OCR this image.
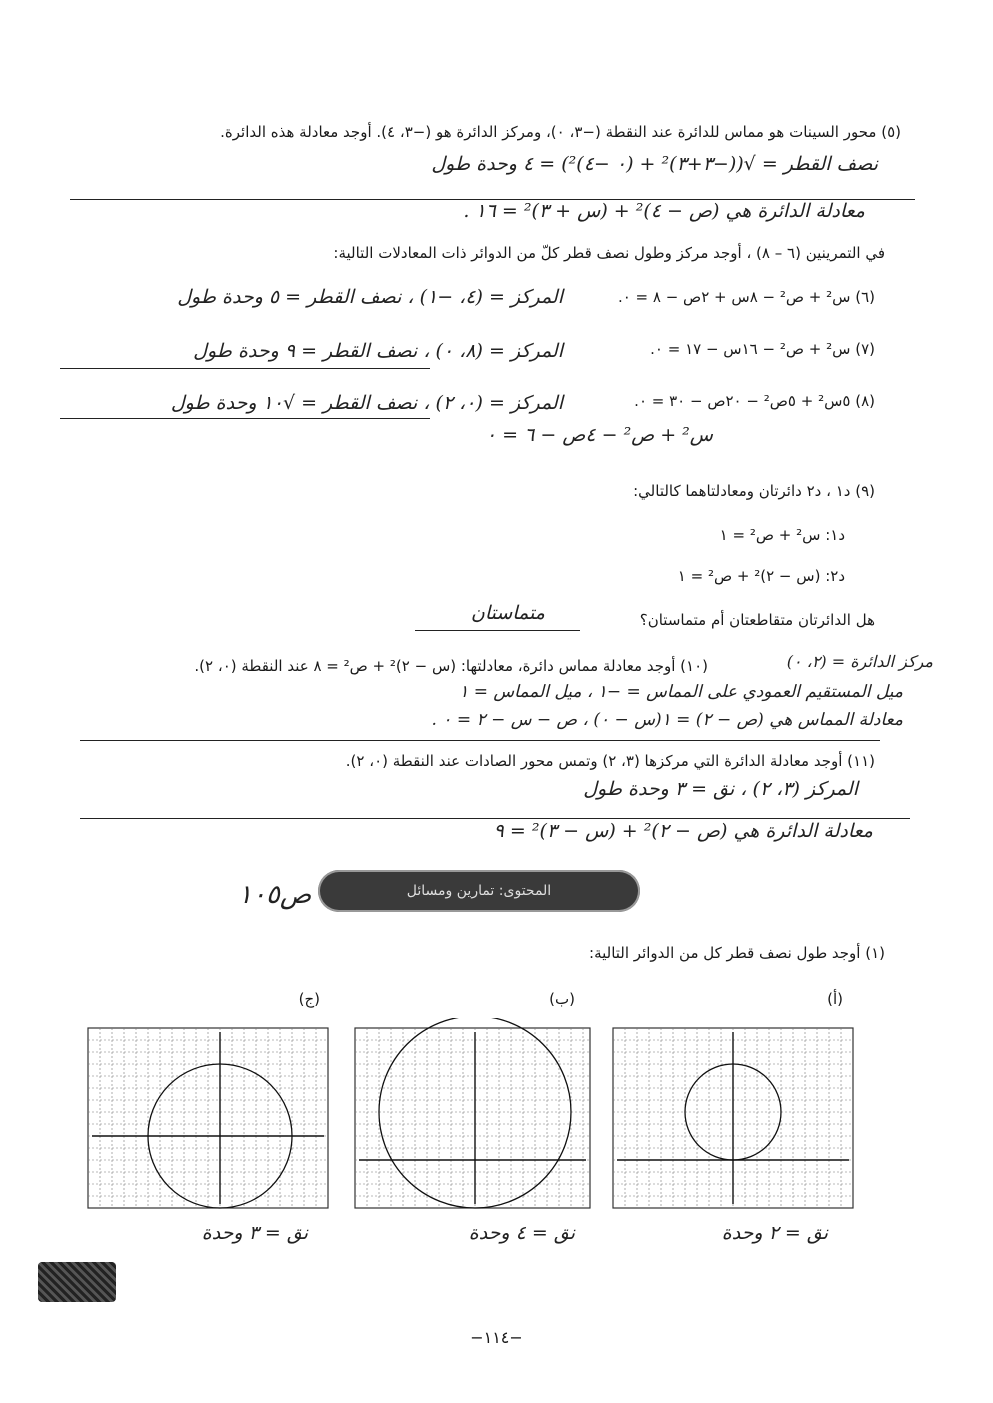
(٥) محور السينات هو مماس للدائرة عند النقطة (−٣، ٠)، ومركز الدائرة هو (−٣، ٤). أوجد معادلة هذه الدائرة.
نصف القطر = √((−٣+٣)² + (٠ −٤)²) = ٤ وحدة طول
معادلة الدائرة هي (ص − ٤)² + (س + ٣)² = ١٦ .
في التمرينين (٦ – ٨) ، أوجد مركز وطول نصف قطر كلّ من الدوائر ذات المعادلات التالية:
(٦) س² + ص² − ٨س + ٢ص − ٨ = ٠.
المركز = (٤، −١) ، نصف القطر = ٥ وحدة طول
(٧) س² + ص² − ١٦س − ١٧ = ٠.
المركز = (٨، ٠) ، نصف القطر = ٩ وحدة طول
(٨) ٥س² + ٥ص² − ٢٠ص − ٣٠ = ٠.
المركز = (٠، ٢) ، نصف القطر = √١٠ وحدة طول
س² + ص² − ٤ص − ٦ = ٠
(٩) د١ ، د٢ دائرتان ومعادلتاهما كالتالي:
د١: س² + ص² = ١
د٢: (س − ٢)² + ص² = ١
هل الدائرتان متقاطعتان أم متماستان؟
متماستان
(١٠) أوجد معادلة مماس دائرة، معادلتها: (س − ٢)² + ص² = ٨ عند النقطة (٠، ٢).	مركز الدائرة = (٢، ٠)
ميل المستقيم العمودي على المماس = −١ ، ميل المماس = ١
معادلة المماس هي (ص − ٢) = ١(س − ٠) ، ص − س − ٢ = ٠ .
(١١) أوجد معادلة الدائرة التي مركزها (٣، ٢) وتمس محور الصادات عند النقطة (٠، ٢).
المركز (٣، ٢) ، نق = ٣ وحدة طول
معادلة الدائرة هي (ص − ٢)² + (س − ٣)² = ٩
المحتوى: تمارين ومسائل
ص١٠٥
(١) أوجد طول نصف قطر كل من الدوائر التالية:
(ج)
نق = ٣ وحدة
(ب)
نق = ٤ وحدة
(أ)
نق = ٢ وحدة
−١١٤−
